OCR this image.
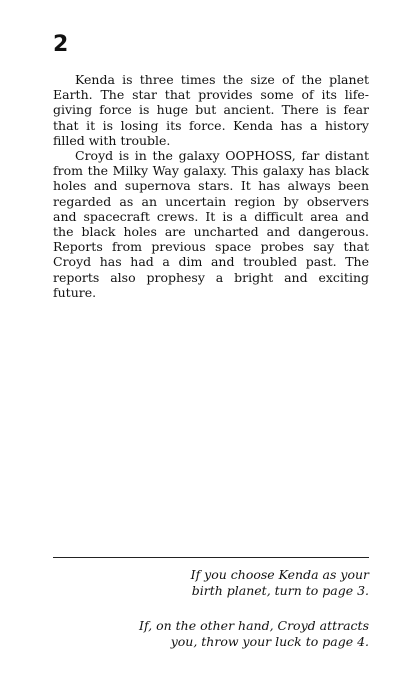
2

Kenda is three times the size of the planet Earth. The star that provides some of its life-giving force is huge but ancient. There is fear that it is losing its force. Kenda has a history filled with trouble.

Croyd is in the galaxy OOPHOSS, far distant from the Milky Way galaxy. This galaxy has black holes and supernova stars. It has always been regarded as an uncertain region by observers and spacecraft crews. It is a difficult area and the black holes are uncharted and dangerous. Reports from previous space probes say that Croyd has had a dim and troubled past. The reports also prophesy a bright and exciting future.

If you choose Kenda as your
birth planet, turn to page 3.

If, on the other hand, Croyd attracts
you, throw your luck to page 4.
